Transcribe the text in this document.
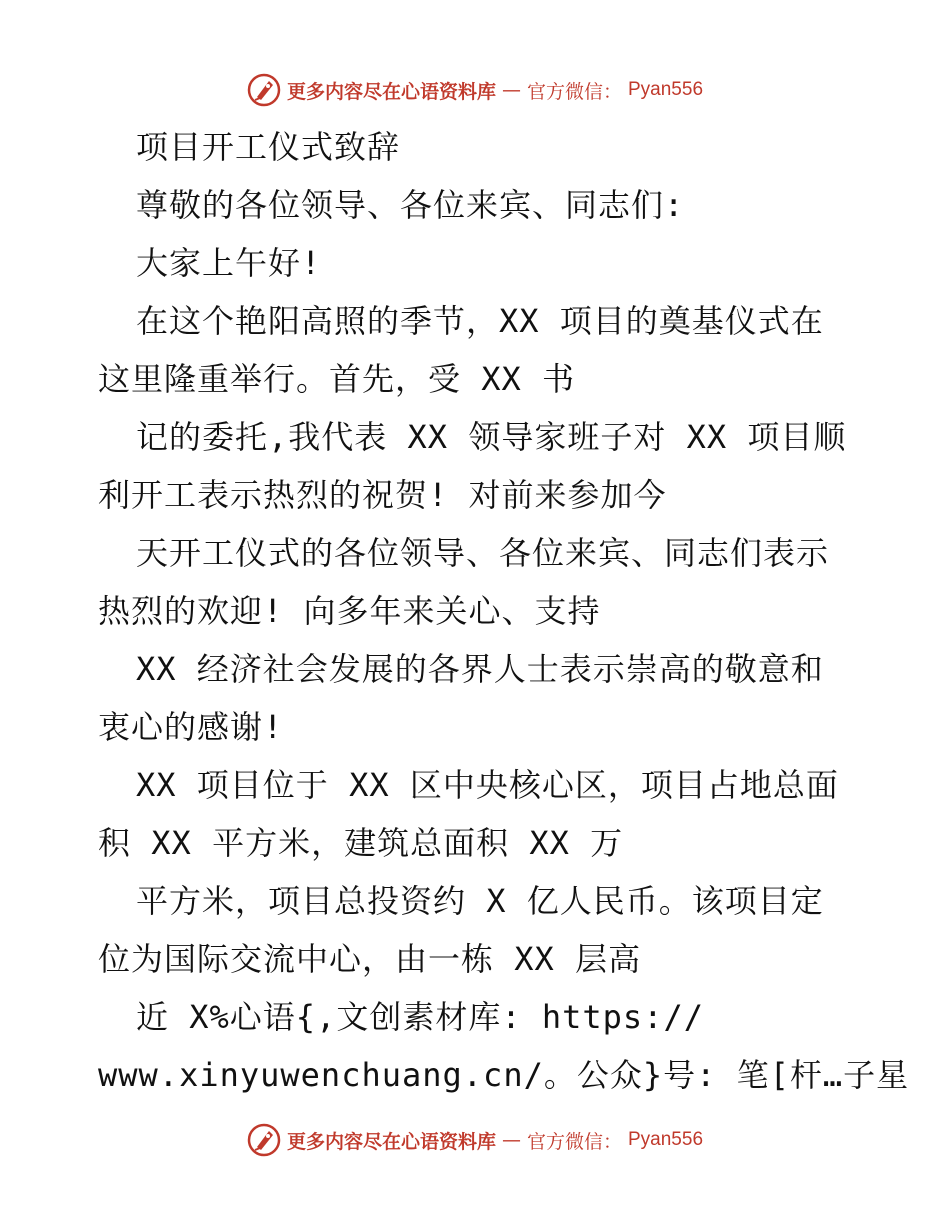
更多内容尽在心语资料库 — 官方微信： Pyan556
项目开工仪式致辞
尊敬的各位领导、各位来宾、同志们:
大家上午好!
在这个艳阳高照的季节，XX 项目的奠基仪式在
这里隆重举行。首先，受 XX 书
记的委托,我代表 XX 领导家班子对 XX 项目顺
利开工表示热烈的祝贺! 对前来参加今
天开工仪式的各位领导、各位来宾、同志们表示
热烈的欢迎! 向多年来关心、支持
XX 经济社会发展的各界人士表示崇高的敬意和
衷心的感谢!
XX 项目位于 XX 区中央核心区，项目占地总面
积 XX 平方米，建筑总面积 XX 万
平方米，项目总投资约 X 亿人民币。该项目定
位为国际交流中心，由一栋 XX 层高
近 X%心语{,文创素材库: https://
www.xinyuwenchuang.cn/。公众}号: 笔[杆…子星
更多内容尽在心语资料库 — 官方微信： Pyan556
